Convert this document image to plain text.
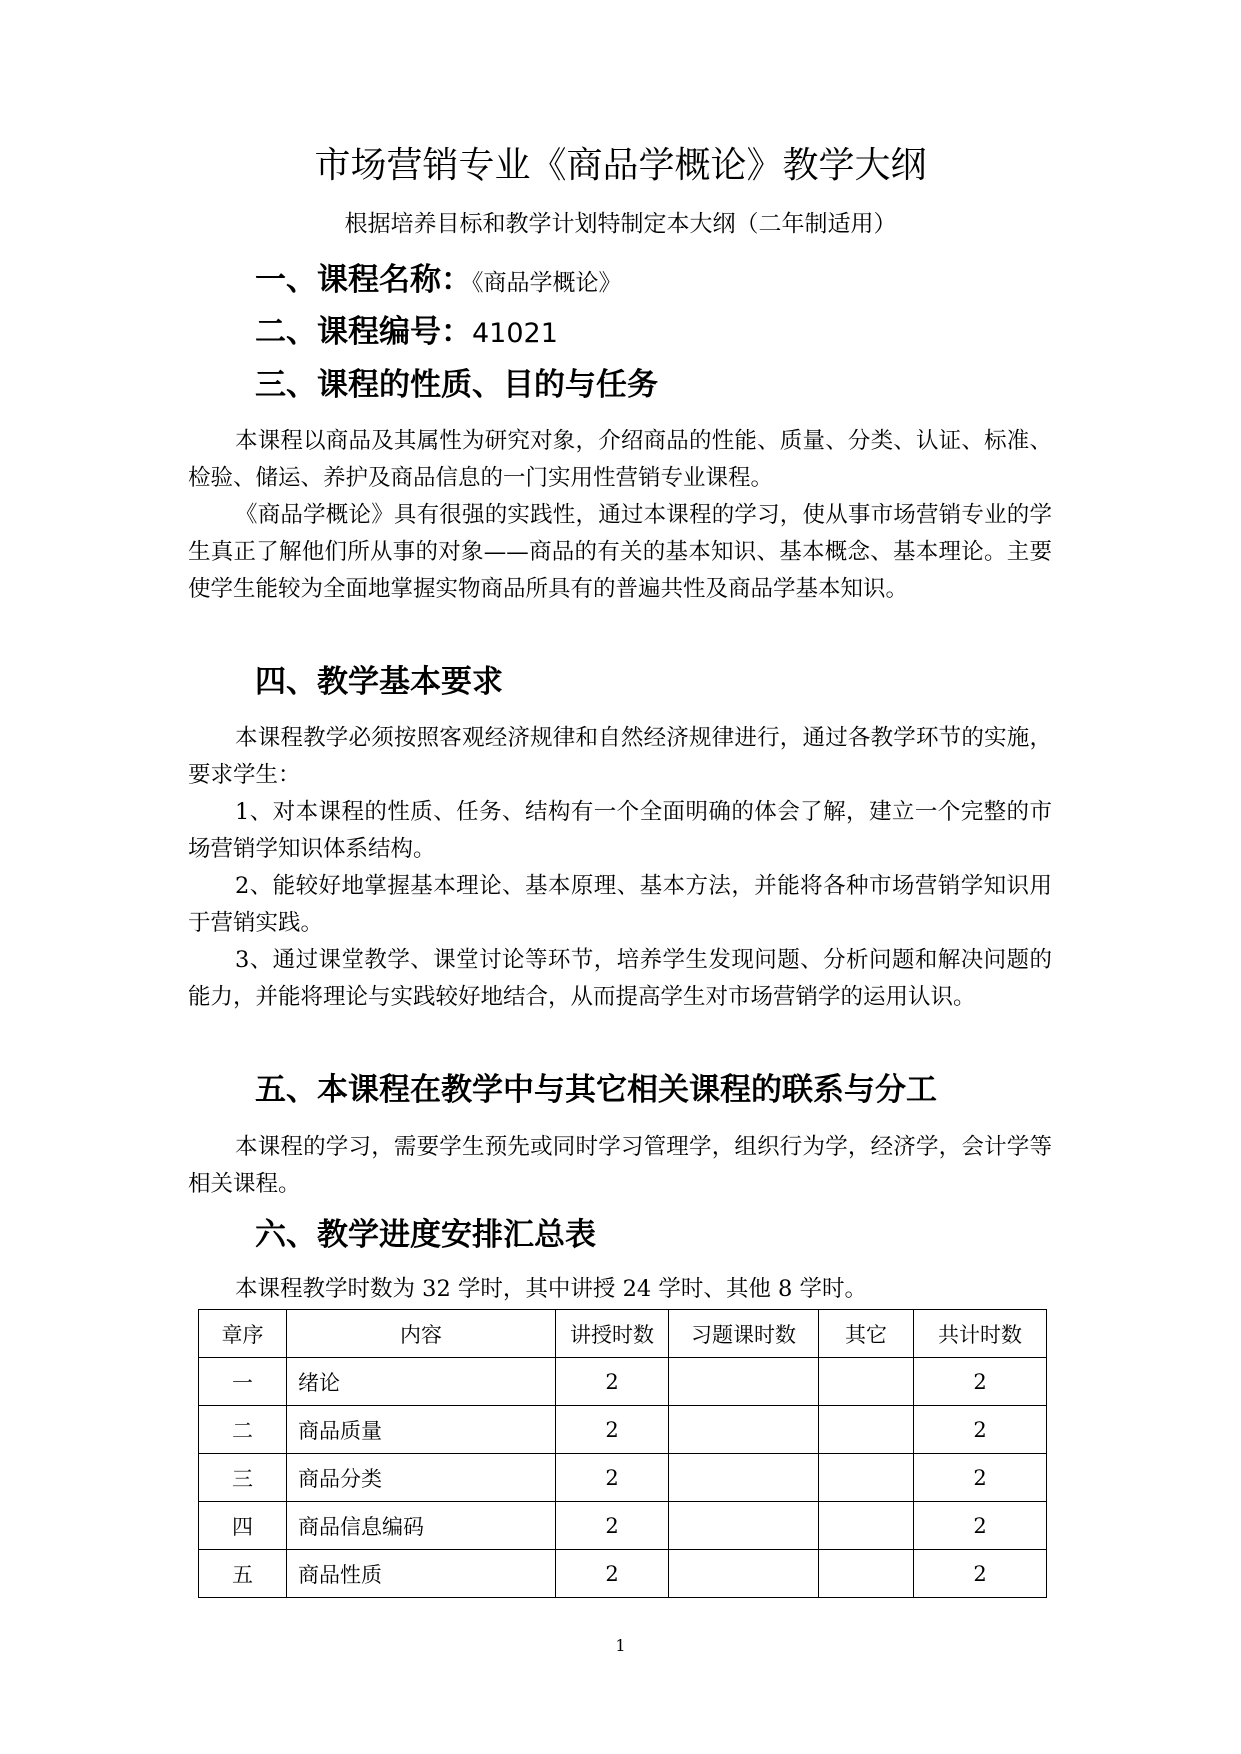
市场营销专业《商品学概论》教学大纲
根据培养目标和教学计划特制定本大纲（二年制适用）
一、课程名称：《商品学概论》
二、课程编号：41021
三、课程的性质、目的与任务

本课程以商品及其属性为研究对象，介绍商品的性能、质量、分类、认证、标准、检验、储运、养护及商品信息的一门实用性营销专业课程。

《商品学概论》具有很强的实践性，通过本课程的学习，使从事市场营销专业的学生真正了解他们所从事的对象——商品的有关的基本知识、基本概念、基本理论。主要使学生能较为全面地掌握实物商品所具有的普遍共性及商品学基本知识。

四、教学基本要求

本课程教学必须按照客观经济规律和自然经济规律进行，通过各教学环节的实施，要求学生：

1、对本课程的性质、任务、结构有一个全面明确的体会了解，建立一个完整的市场营销学知识体系结构。

2、能较好地掌握基本理论、基本原理、基本方法，并能将各种市场营销学知识用于营销实践。

3、通过课堂教学、课堂讨论等环节，培养学生发现问题、分析问题和解决问题的能力，并能将理论与实践较好地结合，从而提高学生对市场营销学的运用认识。

五、本课程在教学中与其它相关课程的联系与分工

本课程的学习，需要学生预先或同时学习管理学，组织行为学，经济学，会计学等相关课程。

六、教学进度安排汇总表

本课程教学时数为 32 学时，其中讲授 24 学时、其他 8 学时。

章序	内容	讲授时数	习题课时数	其它	共计时数
一	绪论	2			2
二	商品质量	2			2
三	商品分类	2			2
四	商品信息编码	2			2
五	商品性质	2			2
1
